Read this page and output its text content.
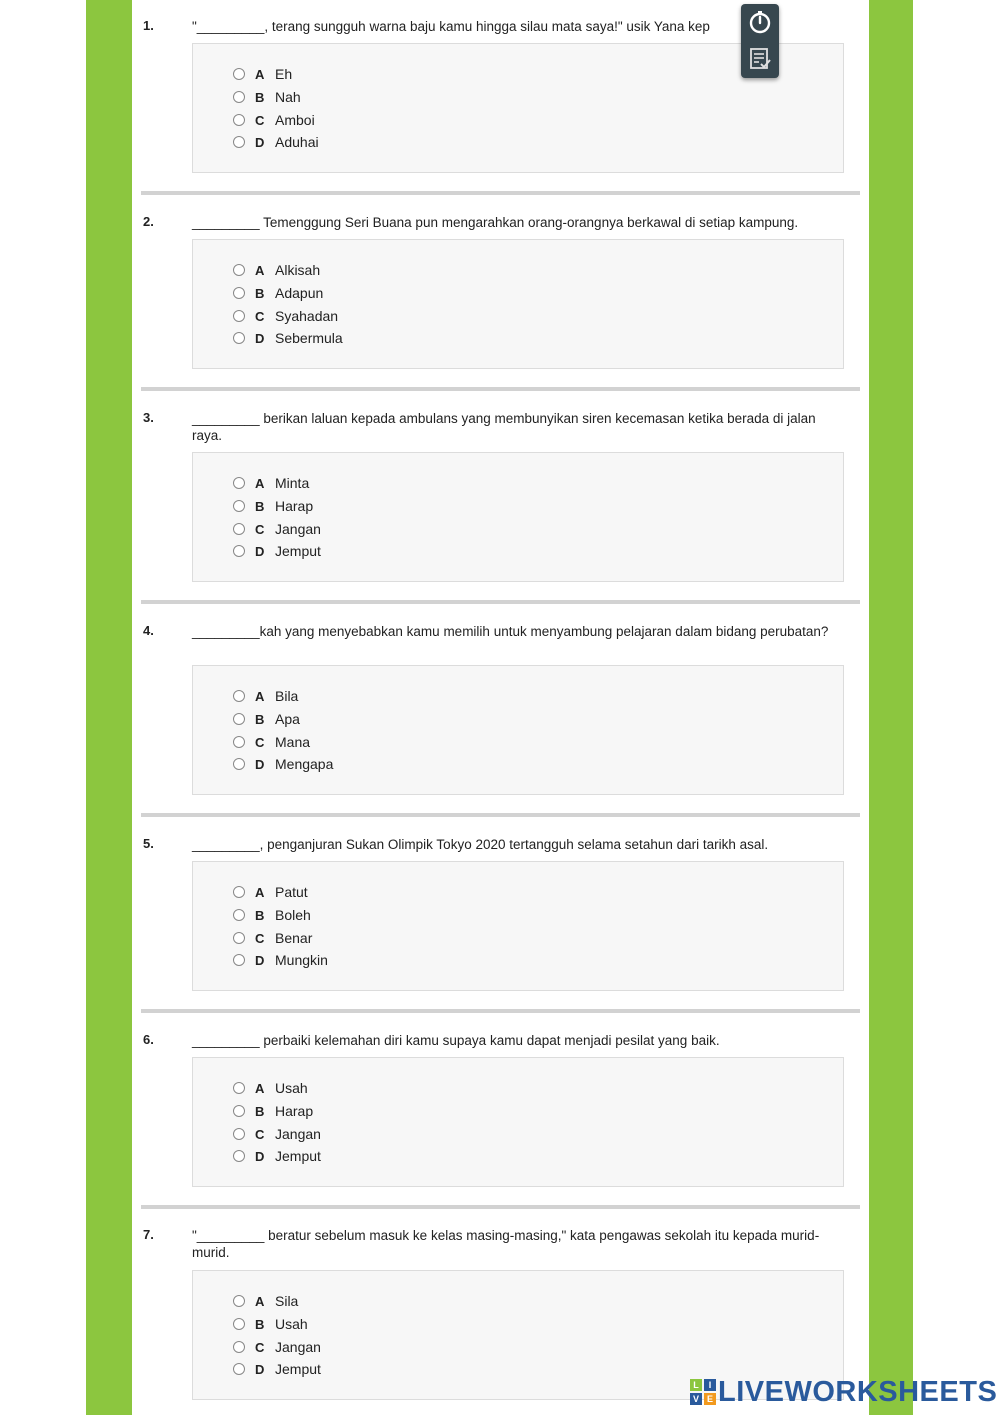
1.	"_________, terang sungguh warna baju kamu hingga silau mata saya!" usik Yana kep
A Eh
B Nah
C Amboi
D Aduhai
2.	_________ Temenggung Seri Buana pun mengarahkan orang-orangnya berkawal di setiap kampung.
A Alkisah
B Adapun
C Syahadan
D Sebermula
3.	_________ berikan laluan kepada ambulans yang membunyikan siren kecemasan ketika berada di jalan raya.
A Minta
B Harap
C Jangan
D Jemput
4.	_________kah yang menyebabkan kamu memilih untuk menyambung pelajaran dalam bidang perubatan?
A Bila
B Apa
C Mana
D Mengapa
5.	_________, penganjuran Sukan Olimpik Tokyo 2020 tertangguh selama setahun dari tarikh asal.
A Patut
B Boleh
C Benar
D Mungkin
6.	_________ perbaiki kelemahan diri kamu supaya kamu dapat menjadi pesilat yang baik.
A Usah
B Harap
C Jangan
D Jemput
7.	"_________ beratur sebelum masuk ke kelas masing-masing," kata pengawas sekolah itu kepada murid-murid.
A Sila
B Usah
C Jangan
D Jemput
L	I
V E LIVEWORKSHEETS
